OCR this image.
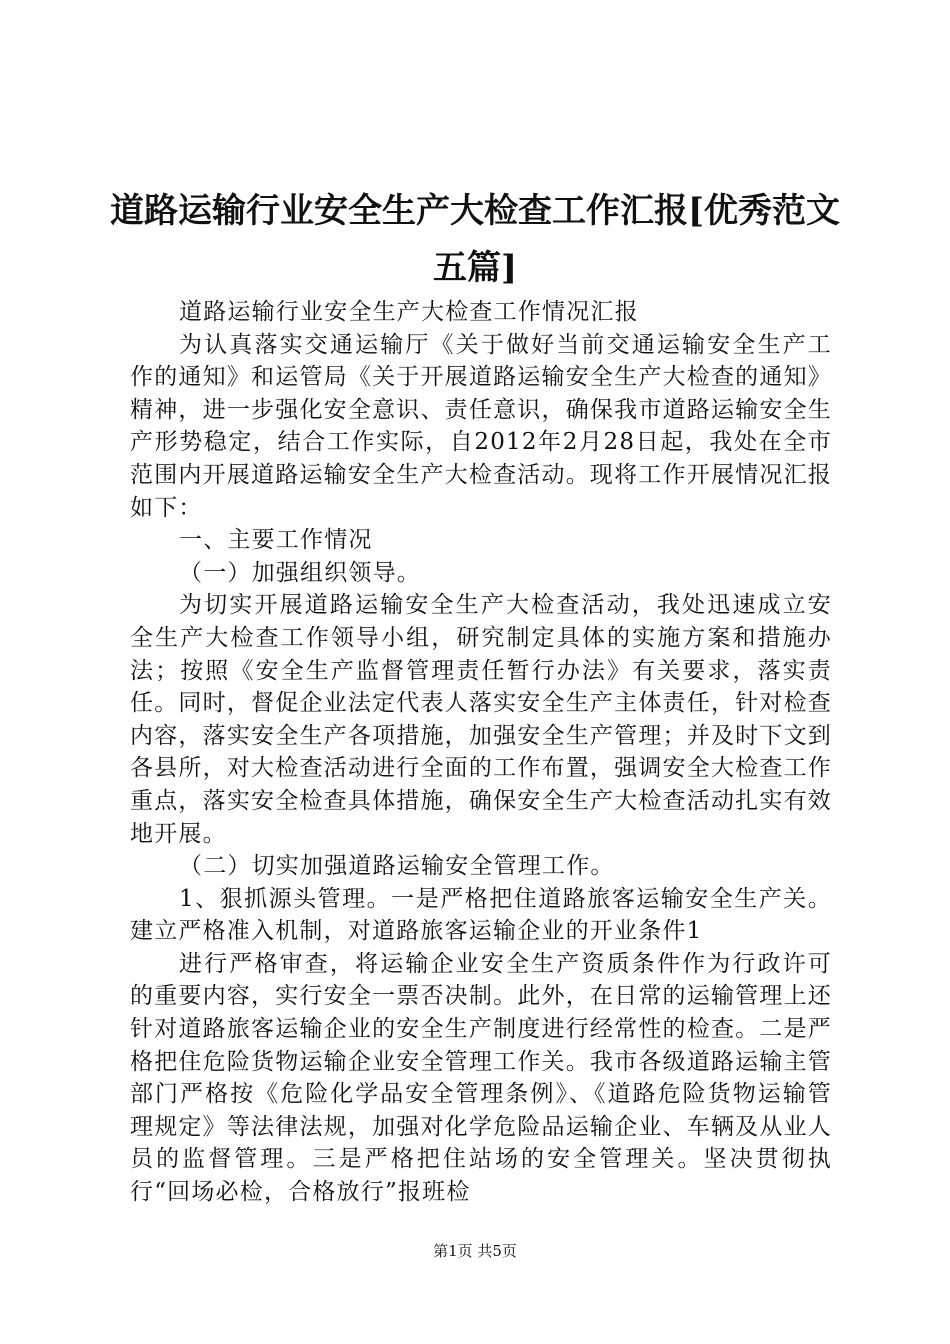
道路运输行业安全生产大检查工作汇报[优秀范文五篇]

道路运输行业安全生产大检查工作情况汇报

为认真落实交通运输厅《关于做好当前交通运输安全生产工作的通知》和运管局《关于开展道路运输安全生产大检查的通知》精神，进一步强化安全意识、责任意识，确保我市道路运输安全生产形势稳定，结合工作实际，自2012年2月28日起，我处在全市范围内开展道路运输安全生产大检查活动。现将工作开展情况汇报如下：

一、主要工作情况

（一）加强组织领导。

为切实开展道路运输安全生产大检查活动，我处迅速成立安全生产大检查工作领导小组，研究制定具体的实施方案和措施办法；按照《安全生产监督管理责任暂行办法》有关要求，落实责任。同时，督促企业法定代表人落实安全生产主体责任，针对检查内容，落实安全生产各项措施，加强安全生产管理；并及时下文到各县所，对大检查活动进行全面的工作布置，强调安全大检查工作重点，落实安全检查具体措施，确保安全生产大检查活动扎实有效地开展。

（二）切实加强道路运输安全管理工作。

1、狠抓源头管理。一是严格把住道路旅客运输安全生产关。建立严格准入机制，对道路旅客运输企业的开业条件1

进行严格审查，将运输企业安全生产资质条件作为行政许可的重要内容，实行安全一票否决制。此外，在日常的运输管理上还针对道路旅客运输企业的安全生产制度进行经常性的检查。二是严格把住危险货物运输企业安全管理工作关。我市各级道路运输主管部门严格按《危险化学品安全管理条例》、《道路危险货物运输管理规定》等法律法规，加强对化学危险品运输企业、车辆及从业人员的监督管理。三是严格把住站场的安全管理关。坚决贯彻执行“回场必检，合格放行”报班检

第1页 共5页
